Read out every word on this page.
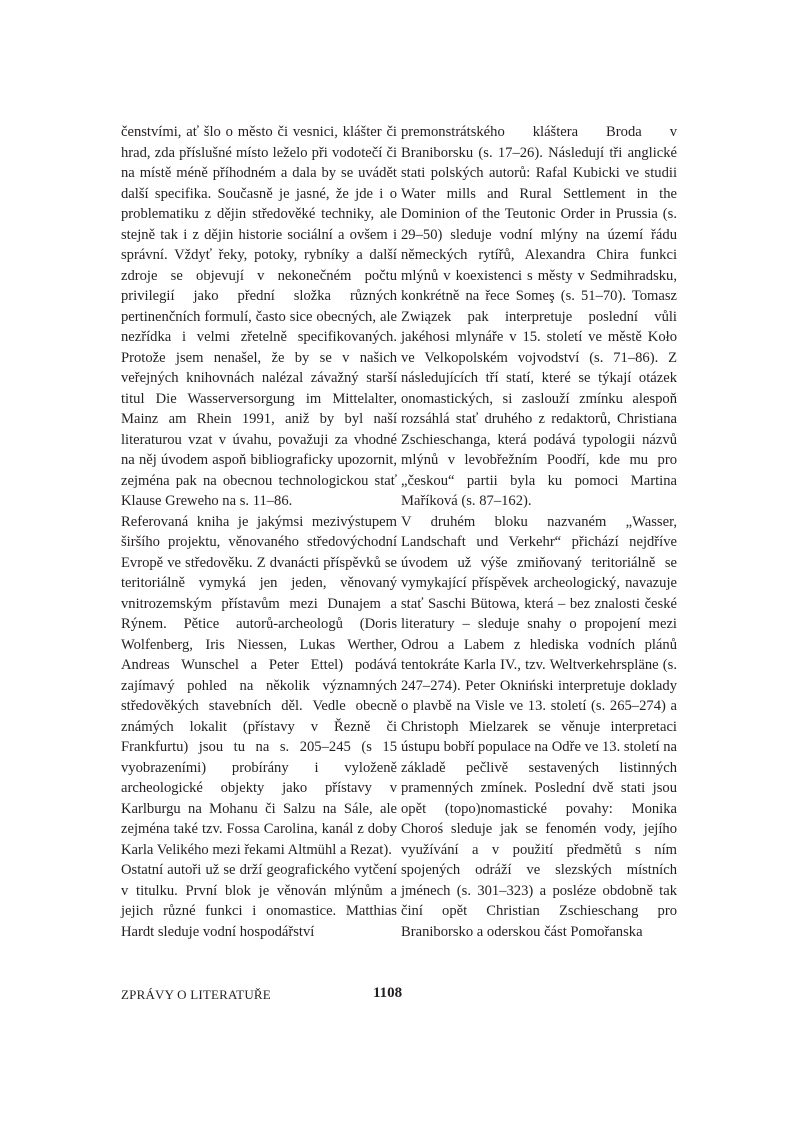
čenstvími, ať šlo o město či vesnici, klášter či hrad, zda příslušné místo leželo při vodotečí či na místě méně příhodném a dala by se uvádět další specifika. Současně je jasné, že jde i o problematiku z dějin středověké techniky, ale stejně tak i z dějin historie sociální a ovšem i správní. Vždyť řeky, potoky, rybníky a další zdroje se objevují v nekonečném počtu privilegií jako přední složka různých pertinenčních formulí, často sice obecných, ale nezřídka i velmi zřetelně specifikovaných. Protože jsem nenašel, že by se v našich veřejných knihovnách nalézal závažný starší titul Die Wasserversorgung im Mittelalter, Mainz am Rhein 1991, aniž by byl naší literaturou vzat v úvahu, považuji za vhodné na něj úvodem aspoň bibliograficky upozornit, zejména pak na obecnou technologickou stať Klause Greweho na s. 11–86.

Referovaná kniha je jakýmsi mezivýstupem širšího projektu, věnovaného středovýchodní Evropě ve středověku. Z dvanácti příspěvků se teritoriálně vymyká jen jeden, věnovaný vnitrozemským přístavům mezi Dunajem a Rýnem. Pětice autorů-archeologů (Doris Wolfenberg, Iris Niessen, Lukas Werther, Andreas Wunschel a Peter Ettel) podává zajímavý pohled na několik významných středověkých stavebních děl. Vedle obecně známých lokalit (přístavy v Řezně či Frankfurtu) jsou tu na s. 205–245 (s 15 vyobrazeními) probírány i vyloženě archeologické objekty jako přístavy v Karlburgu na Mohanu či Salzu na Sále, ale zejména také tzv. Fossa Carolina, kanál z doby Karla Velikého mezi řekami Altmühl a Rezat).

Ostatní autoři už se drží geografického vytčení v titulku. První blok je věnován mlýnům a jejich různé funkci i onomastice. Matthias Hardt sleduje vodní hospodářství

premonstrátského kláštera Broda v Braniborsku (s. 17–26). Následují tři anglické stati polských autorů: Rafal Kubicki ve studii Water mills and Rural Settlement in the Dominion of the Teutonic Order in Prussia (s. 29–50) sleduje vodní mlýny na území řádu německých rytířů, Alexandra Chira funkci mlýnů v koexistenci s městy v Sedmihradsku, konkrétně na řece Someş (s. 51–70). Tomasz Związek pak interpretuje poslední vůli jakéhosi mlynáře v 15. století ve městě Koło ve Velkopolském vojvodství (s. 71–86). Z následujících tří statí, které se týkají otázek onomastických, si zaslouží zmínku alespoň rozsáhlá stať druhého z redaktorů, Christiana Zschieschanga, která podává typologii názvů mlýnů v levobřežním Poodří, kde mu pro „českou“ partii byla ku pomoci Martina Maříková (s. 87–162).

V druhém bloku nazvaném „Wasser, Landschaft und Verkehr“ přichází nejdříve úvodem už výše zmiňovaný teritoriálně se vymykající příspěvek archeologický, navazuje stať Saschi Bütowa, která – bez znalosti české literatury – sleduje snahy o propojení mezi Odrou a Labem z hlediska vodních plánů tentokráte Karla IV., tzv. Weltverkehrspläne (s. 247–274). Peter Okniński interpretuje doklady o plavbě na Visle ve 13. století (s. 265–274) a Christoph Mielzarek se věnuje interpretaci ústupu bobří populace na Odře ve 13. století na základě pečlivě sestavených listinných pramenných zmínek. Poslední dvě stati jsou opět (topo)nomastické povahy: Monika Choroś sleduje jak se fenomén vody, jejího využívání a v použití předmětů s ním spojených odráží ve slezských místních jménech (s. 301–323) a posléze obdobně tak činí opět Christian Zschieschang pro Braniborsko a oderskou část Pomořanska

ZPRÁVY O LITERATUŘE	1108
